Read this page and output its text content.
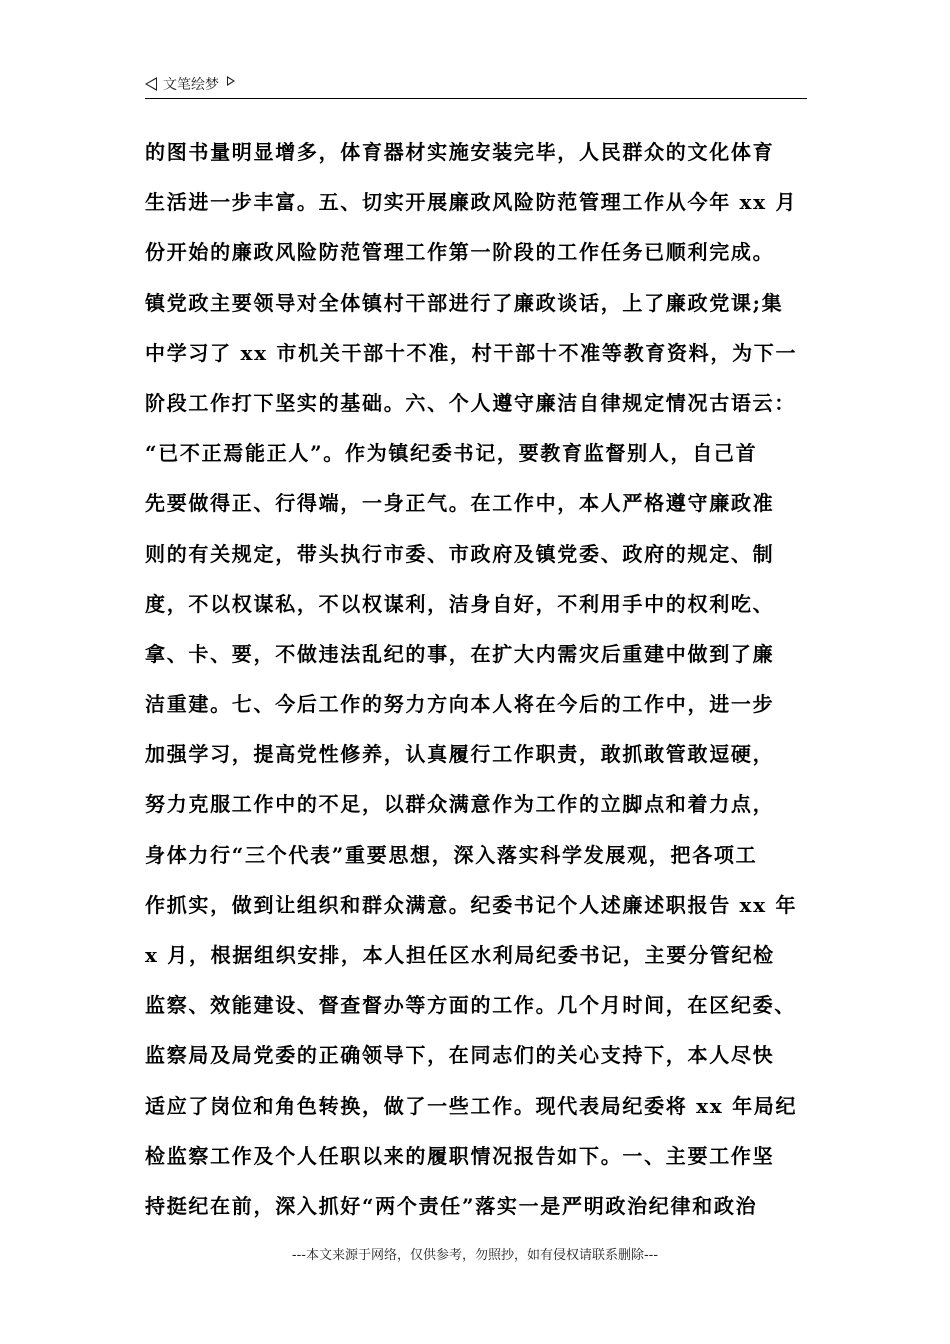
文笔绘梦
的图书量明显增多，体育器材实施安装完毕，人民群众的文化体育
生活进一步丰富。五、切实开展廉政风险防范管理工作从今年 xx 月
份开始的廉政风险防范管理工作第一阶段的工作任务已顺利完成。
镇党政主要领导对全体镇村干部进行了廉政谈话，上了廉政党课;集
中学习了 xx 市机关干部十不准，村干部十不准等教育资料，为下一
阶段工作打下坚实的基础。六、个人遵守廉洁自律规定情况古语云：
“已不正焉能正人”。作为镇纪委书记，要教育监督别人，自己首
先要做得正、行得端，一身正气。在工作中，本人严格遵守廉政准
则的有关规定，带头执行市委、市政府及镇党委、政府的规定、制
度，不以权谋私，不以权谋利，洁身自好，不利用手中的权利吃、
拿、卡、要，不做违法乱纪的事，在扩大内需灾后重建中做到了廉
洁重建。七、今后工作的努力方向本人将在今后的工作中，进一步
加强学习，提高党性修养，认真履行工作职责，敢抓敢管敢逗硬，
努力克服工作中的不足，以群众满意作为工作的立脚点和着力点，
身体力行“三个代表”重要思想，深入落实科学发展观，把各项工
作抓实，做到让组织和群众满意。纪委书记个人述廉述职报告 xx 年
x 月，根据组织安排，本人担任区水利局纪委书记，主要分管纪检
监察、效能建设、督查督办等方面的工作。几个月时间，在区纪委、
监察局及局党委的正确领导下，在同志们的关心支持下，本人尽快
适应了岗位和角色转换，做了一些工作。现代表局纪委将 xx 年局纪
检监察工作及个人任职以来的履职情况报告如下。一、主要工作坚
持挺纪在前，深入抓好“两个责任”落实一是严明政治纪律和政治
---本文来源于网络，仅供参考，勿照抄，如有侵权请联系删除---
